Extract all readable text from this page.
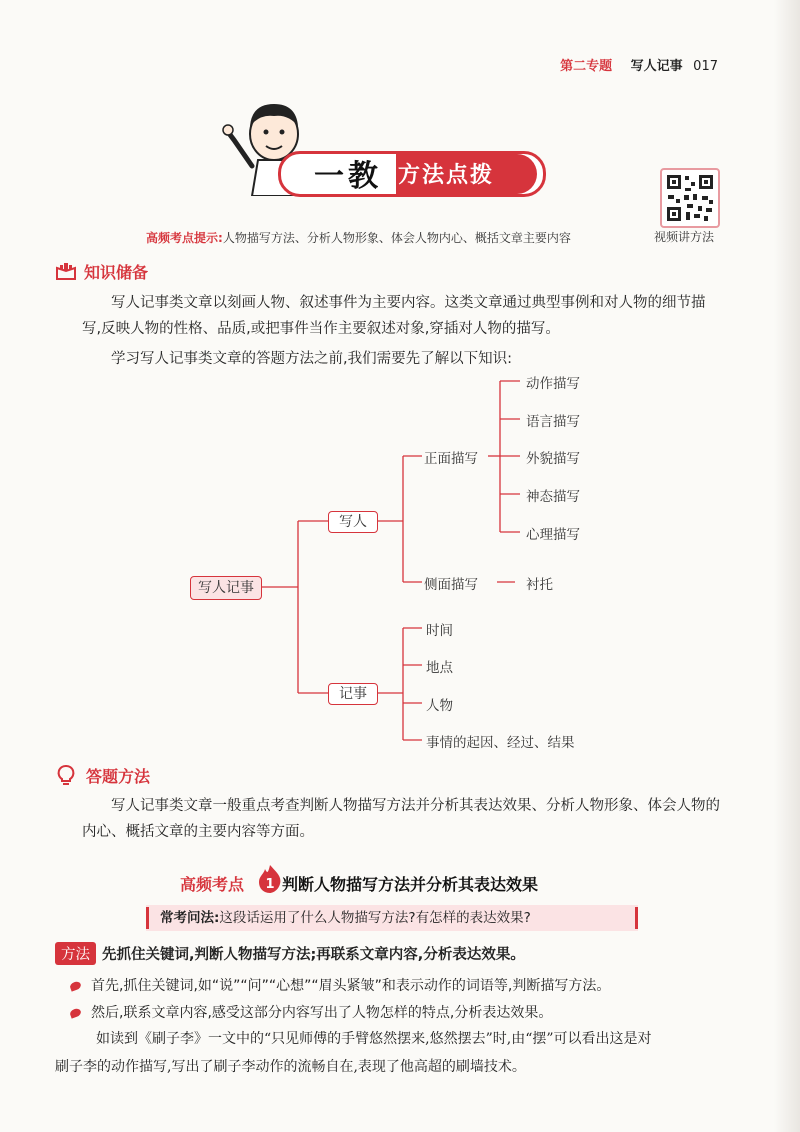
第二专题 写人记事 017
一教 方法点拨
视频讲方法
高频考点提示:人物描写方法、分析人物形象、体会人物内心、概括文章主要内容
知识储备
写人记事类文章以刻画人物、叙述事件为主要内容。这类文章通过典型事例和对人物的细节描写,反映人物的性格、品质,或把事件当作主要叙述对象,穿插对人物的描写。
学习写人记事类文章的答题方法之前,我们需要先了解以下知识:
写人记事
写人
记事
正面描写
侧面描写	衬托
动作描写
语言描写
外貌描写
神态描写
心理描写
时间
地点
人物
事情的起因、经过、结果
答题方法
写人记事类文章一般重点考查判断人物描写方法并分析其表达效果、分析人物形象、体会人物的内心、概括文章的主要内容等方面。
高频考点 判断人物描写方法并分析其表达效果
1
常考问法:这段话运用了什么人物描写方法?有怎样的表达效果?
方法 先抓住关键词,判断人物描写方法;再联系文章内容,分析表达效果。
首先,抓住关键词,如“说”“问”“心想”“眉头紧皱”和表示动作的词语等,判断描写方法。
然后,联系文章内容,感受这部分内容写出了人物怎样的特点,分析表达效果。
如读到《刷子李》一文中的“只见师傅的手臂悠然摆来,悠然摆去”时,由“摆”可以看出这是对
刷子李的动作描写,写出了刷子李动作的流畅自在,表现了他高超的刷墙技术。
